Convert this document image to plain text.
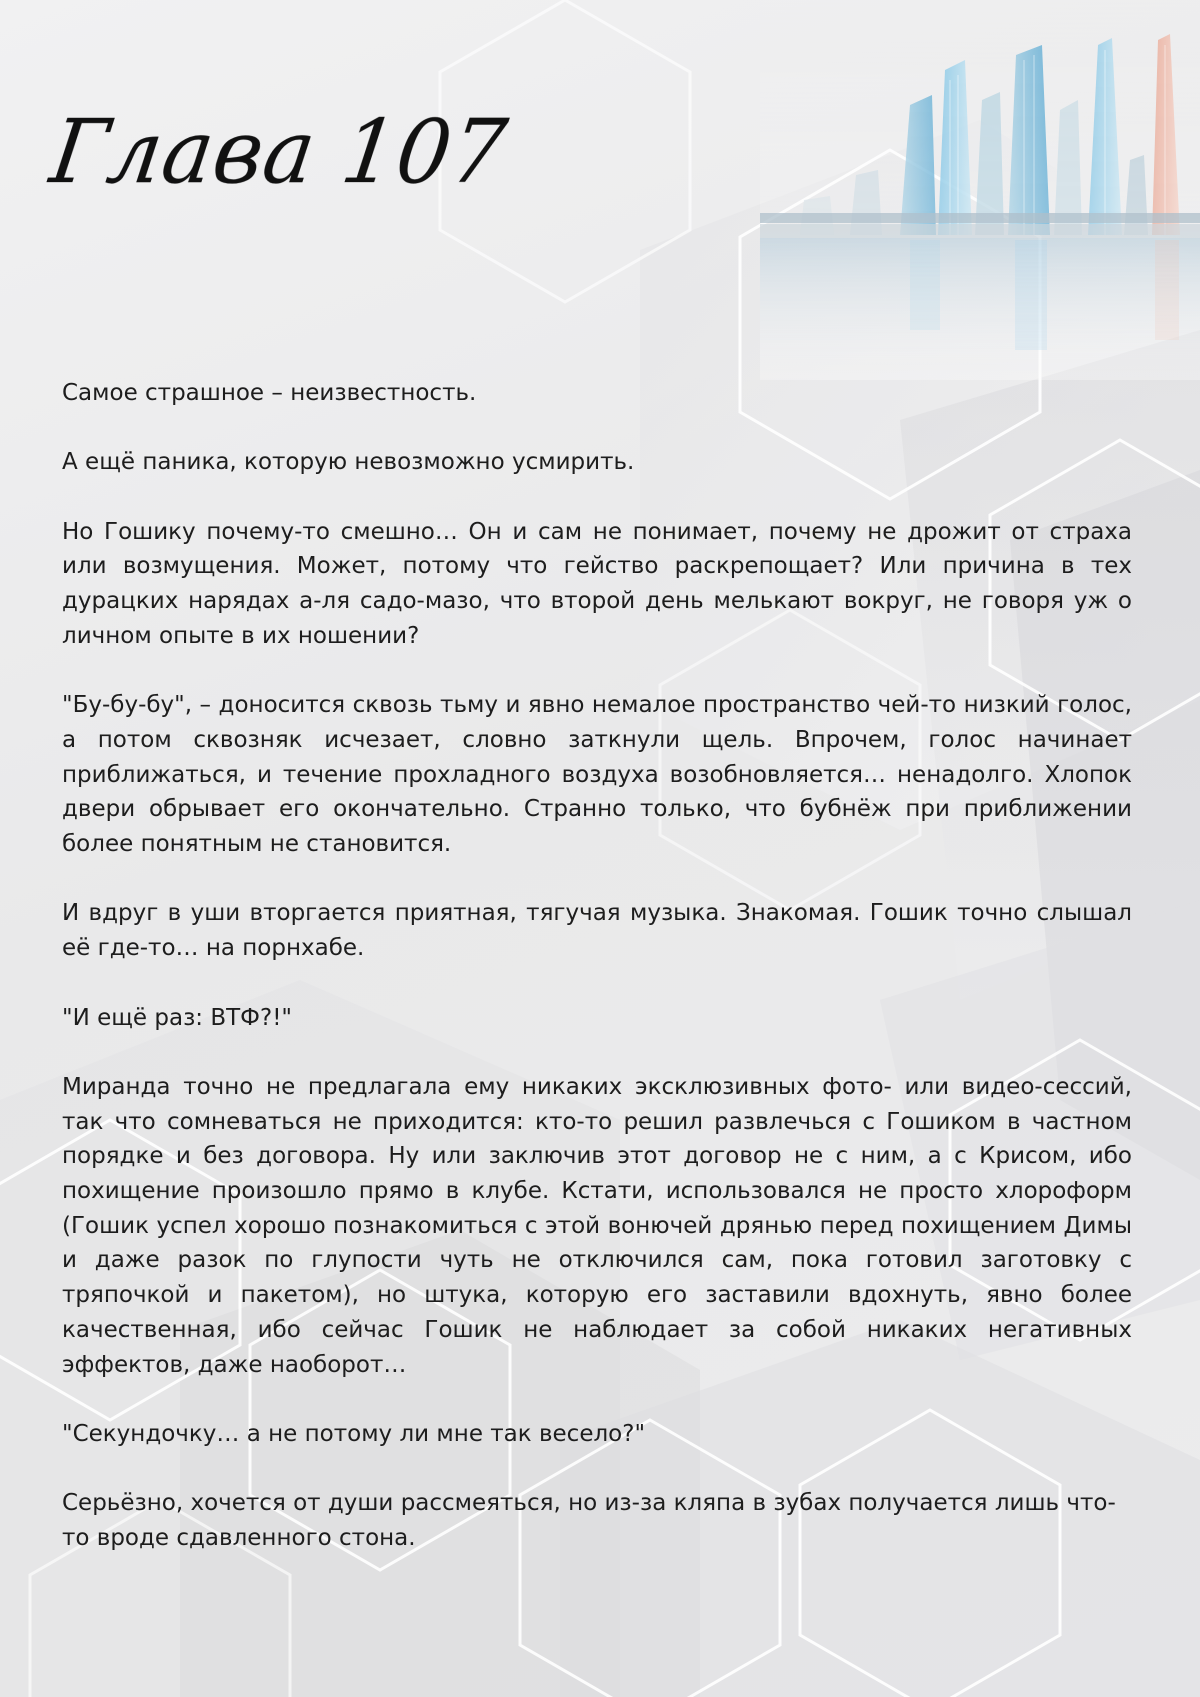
Глава 107

Самое страшное – неизвестность.

А ещё паника, которую невозможно усмирить.

Но Гошику почему-то смешно… Он и сам не понимает, почему не дрожит от страха или возмущения. Может, потому что гейство раскрепощает? Или причина в тех дурацких нарядах а-ля садо-мазо, что второй день мелькают вокруг, не говоря уж о личном опыте в их ношении?

"Бу-бу-бу", – доносится сквозь тьму и явно немалое пространство чей-то низкий голос, а потом сквозняк исчезает, словно заткнули щель. Впрочем, голос начинает приближаться, и течение прохладного воздуха возобновляется… ненадолго. Хлопок двери обрывает его окончательно. Странно только, что бубнёж при приближении более понятным не становится.

И вдруг в уши вторгается приятная, тягучая музыка. Знакомая. Гошик точно слышал её где-то… на порнхабе.

"И ещё раз: ВТФ?!"

Миранда точно не предлагала ему никаких эксклюзивных фото- или видео-сессий, так что сомневаться не приходится: кто-то решил развлечься с Гошиком в частном порядке и без договора. Ну или заключив этот договор не с ним, а с Крисом, ибо похищение произошло прямо в клубе. Кстати, использовался не просто хлороформ (Гошик успел хорошо познакомиться с этой вонючей дрянью перед похищением Димы и даже разок по глупости чуть не отключился сам, пока готовил заготовку с тряпочкой и пакетом), но штука, которую его заставили вдохнуть, явно более качественная, ибо сейчас Гошик не наблюдает за собой никаких негативных эффектов, даже наоборот…

"Секундочку… а не потому ли мне так весело?"

Серьёзно, хочется от души рассмеяться, но из-за кляпа в зубах получается лишь что-то вроде сдавленного стона.
